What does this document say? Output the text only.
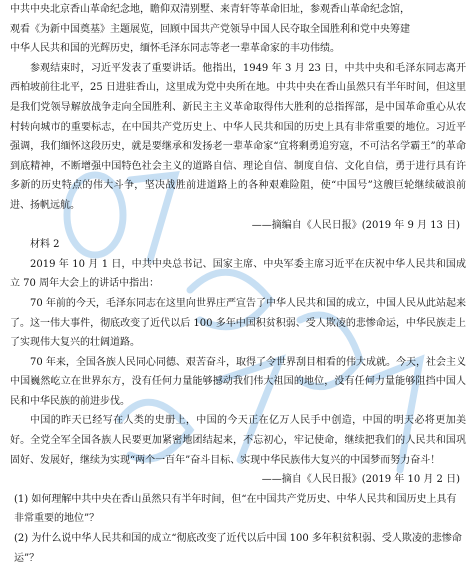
中共中央北京香山革命纪念地，瞻仰双清别墅、来青轩等革命旧址，参观香山革命纪念馆，

观看《为新中国奠基》主题展览，回顾中国共产党领导中国人民夺取全国胜利和党中央筹建

中华人民共和国的光辉历史，缅怀毛泽东同志等老一辈革命家的丰功伟绩。

参观结束时，习近平发表了重要讲话。他指出，1949 年 3 月 23 日，中共中央和毛泽东同志离开西柏坡前往北平，25 日进驻香山，这里成为党中央所在地。中共中央在香山虽然只有半年时间，但这里是我们党领导解放战争走向全国胜利、新民主主义革命取得伟大胜利的总指挥部，是中国革命重心从农村转向城市的重要标志，在中国共产党历史上、中华人民共和国的历史上具有非常重要的地位。习近平强调，我们缅怀这段历史，就是要继承和发扬老一辈革命家“宜将剩勇追穷寇，不可沽名学霸王”的革命到底精神，不断增强中国特色社会主义的道路自信、理论自信、制度自信、文化自信，勇于进行具有许多新的历史特点的伟大斗争，坚决战胜前进道路上的各种艰难险阻，使“中国号”这艘巨轮继续破浪前进、扬帆远航。

——摘编自《人民日报》(2019 年 9 月 13 日)

材料 2

2019 年 10 月 1 日，中共中央总书记、国家主席、中央军委主席习近平在庆祝中华人民共和国成立 70 周年大会上的讲话中指出：

70 年前的今天，毛泽东同志在这里向世界庄严宣告了中华人民共和国的成立，中国人民从此站起来了。这一伟大事件，彻底改变了近代以后 100 多年中国积贫积弱、受人欺凌的悲惨命运，中华民族走上了实现伟大复兴的壮阔道路。

70 年来，全国各族人民同心同德、艰苦奋斗，取得了令世界刮目相看的伟大成就。今天，社会主义中国巍然屹立在世界东方，没有任何力量能够撼动我们伟大祖国的地位，没有任何力量能够阻挡中国人民和中华民族的前进步伐。

中国的昨天已经写在人类的史册上，中国的今天正在亿万人民手中创造，中国的明天必将更加美好。全党全军全国各族人民要更加紧密地团结起来，不忘初心，牢记使命，继续把我们的人民共和国巩固好、发展好，继续为实现“两个一百年”奋斗目标、实现中华民族伟大复兴的中国梦而努力奋斗！

——摘自《人民日报》(2019 年 10 月 2 日)

(1) 如何理解中共中央在香山虽然只有半年时间，但“在中国共产党历史、中华人民共和国历史上具有非常重要的地位”？

(2) 为什么说中华人民共和国的成立“彻底改变了近代以后中国 100 多年积贫积弱、受人欺凌的悲惨命运”？
